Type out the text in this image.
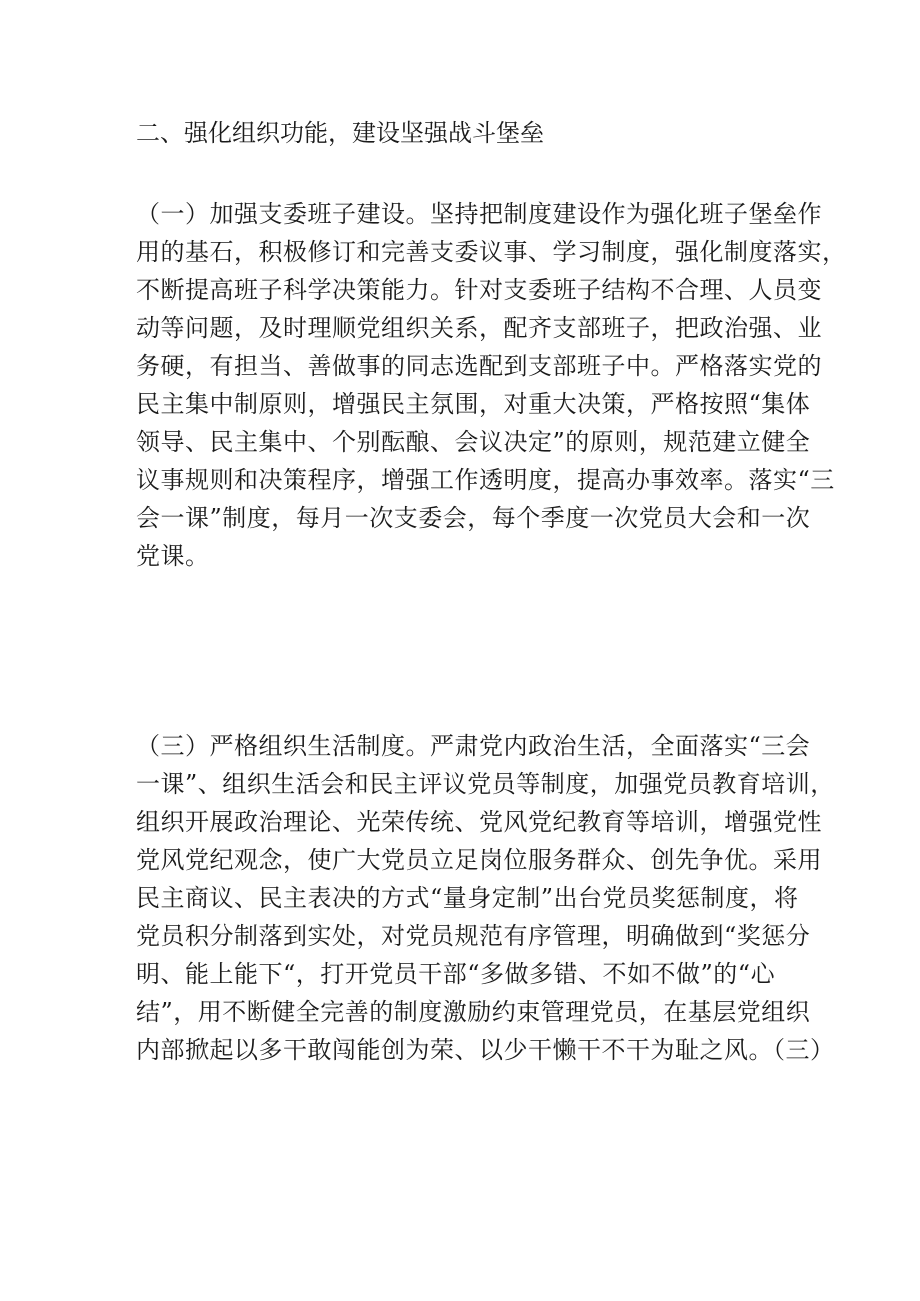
二、强化组织功能，建设坚强战斗堡垒
（一）加强支委班子建设。坚持把制度建设作为强化班子堡垒作
用的基石，积极修订和完善支委议事、学习制度，强化制度落实，
不断提高班子科学决策能力。针对支委班子结构不合理、人员变
动等问题，及时理顺党组织关系，配齐支部班子，把政治强、业
务硬，有担当、善做事的同志选配到支部班子中。严格落实党的
民主集中制原则，增强民主氛围，对重大决策，严格按照“集体
领导、民主集中、个别酝酿、会议决定”的原则，规范建立健全
议事规则和决策程序，增强工作透明度，提高办事效率。落实“三
会一课”制度，每月一次支委会，每个季度一次党员大会和一次
党课。
（三）严格组织生活制度。严肃党内政治生活，全面落实“三会
一课”、组织生活会和民主评议党员等制度，加强党员教育培训，
组织开展政治理论、光荣传统、党风党纪教育等培训，增强党性
党风党纪观念，使广大党员立足岗位服务群众、创先争优。采用
民主商议、民主表决的方式“量身定制”出台党员奖惩制度，将
党员积分制落到实处，对党员规范有序管理，明确做到“奖惩分
明、能上能下“，打开党员干部“多做多错、不如不做”的“心
结”，用不断健全完善的制度激励约束管理党员，在基层党组织
内部掀起以多干敢闯能创为荣、以少干懒干不干为耻之风。（三）
